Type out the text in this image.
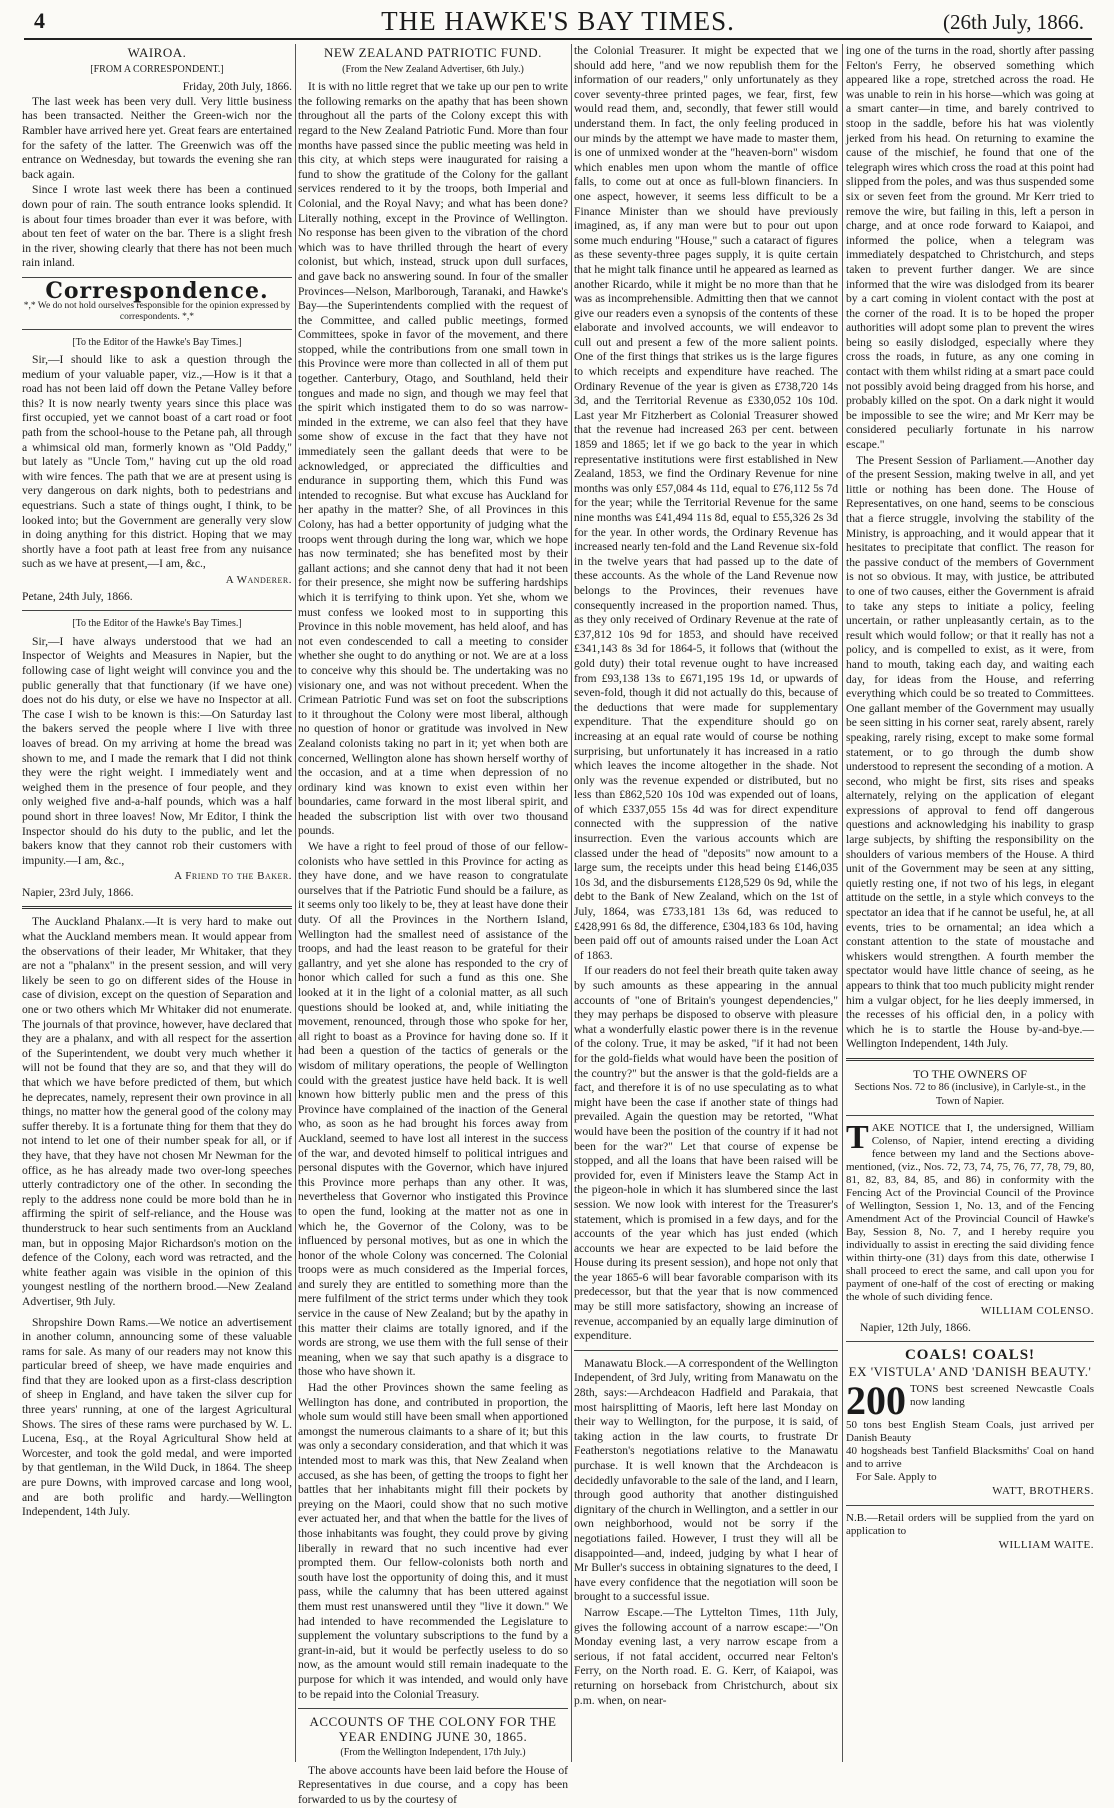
4	THE HAWKE'S BAY TIMES.	(26th July, 1866.
WAIROA.
[FROM A CORRESPONDENT.]
Friday, 20th July, 1866.

The last week has been very dull. Very little business has been transacted. Neither the Green-wich nor the Rambler have arrived here yet. Great fears are entertained for the safety of the latter. The Greenwich was off the entrance on Wednesday, but towards the evening she ran back again.

Since I wrote last week there has been a continued down pour of rain. The south entrance looks splendid. It is about four times broader than ever it was before, with about ten feet of water on the bar. There is a slight fresh in the river, showing clearly that there has not been much rain inland.

Correspondence.
*,* We do not hold ourselves responsible for the opinion expressed by correspondents. *,*
[To the Editor of the Hawke's Bay Times.]

Sir,—I should like to ask a question through the medium of your valuable paper, viz.,—How is it that a road has not been laid off down the Petane Valley before this? It is now nearly twenty years since this place was first occupied, yet we cannot boast of a cart road or foot path from the school-house to the Petane pah, all through a whimsical old man, formerly known as "Old Paddy," but lately as "Uncle Tom," having cut up the old road with wire fences. The path that we are at present using is very dangerous on dark nights, both to pedestrians and equestrians. Such a state of things ought, I think, to be looked into; but the Government are generally very slow in doing anything for this district. Hoping that we may shortly have a foot path at least free from any nuisance such as we have at present,—I am, &c.,

A Wanderer.
Petane, 24th July, 1866.
[To the Editor of the Hawke's Bay Times.]

Sir,—I have always understood that we had an Inspector of Weights and Measures in Napier, but the following case of light weight will convince you and the public generally that that functionary (if we have one) does not do his duty, or else we have no Inspector at all. The case I wish to be known is this:—On Saturday last the bakers served the people where I live with three loaves of bread. On my arriving at home the bread was shown to me, and I made the remark that I did not think they were the right weight. I immediately went and weighed them in the presence of four people, and they only weighed five and-a-half pounds, which was a half pound short in three loaves! Now, Mr Editor, I think the Inspector should do his duty to the public, and let the bakers know that they cannot rob their customers with impunity.—I am, &c.,

A Friend to the Baker.
Napier, 23rd July, 1866.

The Auckland Phalanx.—It is very hard to make out what the Auckland members mean. It would appear from the observations of their leader, Mr Whitaker, that they are not a "phalanx" in the present session, and will very likely be seen to go on different sides of the House in case of division, except on the question of Separation and one or two others which Mr Whitaker did not enumerate. The journals of that province, however, have declared that they are a phalanx, and with all respect for the assertion of the Superintendent, we doubt very much whether it will not be found that they are so, and that they will do that which we have before predicted of them, but which he deprecates, namely, represent their own province in all things, no matter how the general good of the colony may suffer thereby. It is a fortunate thing for them that they do not intend to let one of their number speak for all, or if they have, that they have not chosen Mr Newman for the office, as he has already made two over-long speeches utterly contradictory one of the other. In seconding the reply to the address none could be more bold than he in affirming the spirit of self-reliance, and the House was thunderstruck to hear such sentiments from an Auckland man, but in opposing Major Richardson's motion on the defence of the Colony, each word was retracted, and the white feather again was visible in the opinion of this youngest nestling of the northern brood.—New Zealand Advertiser, 9th July.

Shropshire Down Rams.—We notice an advertisement in another column, announcing some of these valuable rams for sale. As many of our readers may not know this particular breed of sheep, we have made enquiries and find that they are looked upon as a first-class description of sheep in England, and have taken the silver cup for three years' running, at one of the largest Agricultural Shows. The sires of these rams were purchased by W. L. Lucena, Esq., at the Royal Agricultural Show held at Worcester, and took the gold medal, and were imported by that gentleman, in the Wild Duck, in 1864. The sheep are pure Downs, with improved carcase and long wool, and are both prolific and hardy.—Wellington Independent, 14th July.

NEW ZEALAND PATRIOTIC FUND.
(From the New Zealand Advertiser, 6th July.)

It is with no little regret that we take up our pen to write the following remarks on the apathy that has been shown throughout all the parts of the Colony except this with regard to the New Zealand Patriotic Fund. More than four months have passed since the public meeting was held in this city, at which steps were inaugurated for raising a fund to show the gratitude of the Colony for the gallant services rendered to it by the troops, both Imperial and Colonial, and the Royal Navy; and what has been done? Literally nothing, except in the Province of Wellington. No response has been given to the vibration of the chord which was to have thrilled through the heart of every colonist, but which, instead, struck upon dull surfaces, and gave back no answering sound. In four of the smaller Provinces—Nelson, Marlborough, Taranaki, and Hawke's Bay—the Superintendents complied with the request of the Committee, and called public meetings, formed Committees, spoke in favor of the movement, and there stopped, while the contributions from one small town in this Province were more than collected in all of them put together. Canterbury, Otago, and Southland, held their tongues and made no sign, and though we may feel that the spirit which instigated them to do so was narrow-minded in the extreme, we can also feel that they have some show of excuse in the fact that they have not immediately seen the gallant deeds that were to be acknowledged, or appreciated the difficulties and endurance in supporting them, which this Fund was intended to recognise. But what excuse has Auckland for her apathy in the matter? She, of all Provinces in this Colony, has had a better opportunity of judging what the troops went through during the long war, which we hope has now terminated; she has benefited most by their gallant actions; and she cannot deny that had it not been for their presence, she might now be suffering hardships which it is terrifying to think upon. Yet she, whom we must confess we looked most to in supporting this Province in this noble movement, has held aloof, and has not even condescended to call a meeting to consider whether she ought to do anything or not. We are at a loss to conceive why this should be. The undertaking was no visionary one, and was not without precedent. When the Crimean Patriotic Fund was set on foot the subscriptions to it throughout the Colony were most liberal, although no question of honor or gratitude was involved in New Zealand colonists taking no part in it; yet when both are concerned, Wellington alone has shown herself worthy of the occasion, and at a time when depression of no ordinary kind was known to exist even within her boundaries, came forward in the most liberal spirit, and headed the subscription list with over two thousand pounds.

We have a right to feel proud of those of our fellow-colonists who have settled in this Province for acting as they have done, and we have reason to congratulate ourselves that if the Patriotic Fund should be a failure, as it seems only too likely to be, they at least have done their duty. Of all the Provinces in the Northern Island, Wellington had the smallest need of assistance of the troops, and had the least reason to be grateful for their gallantry, and yet she alone has responded to the cry of honor which called for such a fund as this one. She looked at it in the light of a colonial matter, as all such questions should be looked at, and, while initiating the movement, renounced, through those who spoke for her, all right to boast as a Province for having done so. If it had been a question of the tactics of generals or the wisdom of military operations, the people of Wellington could with the greatest justice have held back. It is well known how bitterly public men and the press of this Province have complained of the inaction of the General who, as soon as he had brought his forces away from Auckland, seemed to have lost all interest in the success of the war, and devoted himself to political intrigues and personal disputes with the Governor, which have injured this Province more perhaps than any other. It was, nevertheless that Governor who instigated this Province to open the fund, looking at the matter not as one in which he, the Governor of the Colony, was to be influenced by personal motives, but as one in which the honor of the whole Colony was concerned. The Colonial troops were as much considered as the Imperial forces, and surely they are entitled to something more than the mere fulfilment of the strict terms under which they took service in the cause of New Zealand; but by the apathy in this matter their claims are totally ignored, and if the words are strong, we use them with the full sense of their meaning, when we say that such apathy is a disgrace to those who have shown it.

Had the other Provinces shown the same feeling as Wellington has done, and contributed in proportion, the whole sum would still have been small when apportioned amongst the numerous claimants to a share of it; but this was only a secondary consideration, and that which it was intended most to mark was this, that New Zealand when accused, as she has been, of getting the troops to fight her battles that her inhabitants might fill their pockets by preying on the Maori, could show that no such motive ever actuated her, and that when the battle for the lives of those inhabitants was fought, they could prove by giving liberally in reward that no such incentive had ever prompted them. Our fellow-colonists both north and south have lost the opportunity of doing this, and it must pass, while the calumny that has been uttered against them must rest unanswered until they "live it down." We had intended to have recommended the Legislature to supplement the voluntary subscriptions to the fund by a grant-in-aid, but it would be perfectly useless to do so now, as the amount would still remain inadequate to the purpose for which it was intended, and would only have to be repaid into the Colonial Treasury.

ACCOUNTS OF THE COLONY FOR THE YEAR ENDING JUNE 30, 1865.
(From the Wellington Independent, 17th July.)

The above accounts have been laid before the House of Representatives in due course, and a copy has been forwarded to us by the courtesy of

the Colonial Treasurer. It might be expected that we should add here, "and we now republish them for the information of our readers," only unfortunately as they cover seventy-three printed pages, we fear, first, few would read them, and, secondly, that fewer still would understand them. In fact, the only feeling produced in our minds by the attempt we have made to master them, is one of unmixed wonder at the "heaven-born" wisdom which enables men upon whom the mantle of office falls, to come out at once as full-blown financiers. In one aspect, however, it seems less difficult to be a Finance Minister than we should have previously imagined, as, if any man were but to pour out upon some much enduring "House," such a cataract of figures as these seventy-three pages supply, it is quite certain that he might talk finance until he appeared as learned as another Ricardo, while it might be no more than that he was as incomprehensible. Admitting then that we cannot give our readers even a synopsis of the contents of these elaborate and involved accounts, we will endeavor to cull out and present a few of the more salient points. One of the first things that strikes us is the large figures to which receipts and expenditure have reached. The Ordinary Revenue of the year is given as £738,720 14s 3d, and the Territorial Revenue as £330,052 10s 10d. Last year Mr Fitzherbert as Colonial Treasurer showed that the revenue had increased 263 per cent. between 1859 and 1865; let if we go back to the year in which representative institutions were first established in New Zealand, 1853, we find the Ordinary Revenue for nine months was only £57,084 4s 11d, equal to £76,112 5s 7d for the year; while the Territorial Revenue for the same nine months was £41,494 11s 8d, equal to £55,326 2s 3d for the year. In other words, the Ordinary Revenue has increased nearly ten-fold and the Land Revenue six-fold in the twelve years that had passed up to the date of these accounts. As the whole of the Land Revenue now belongs to the Provinces, their revenues have consequently increased in the proportion named. Thus, as they only received of Ordinary Revenue at the rate of £37,812 10s 9d for 1853, and should have received £341,143 8s 3d for 1864-5, it follows that (without the gold duty) their total revenue ought to have increased from £93,138 13s to £671,195 19s 1d, or upwards of seven-fold, though it did not actually do this, because of the deductions that were made for supplementary expenditure. That the expenditure should go on increasing at an equal rate would of course be nothing surprising, but unfortunately it has increased in a ratio which leaves the income altogether in the shade. Not only was the revenue expended or distributed, but no less than £862,520 10s 10d was expended out of loans, of which £337,055 15s 4d was for direct expenditure connected with the suppression of the native insurrection. Even the various accounts which are classed under the head of "deposits" now amount to a large sum, the receipts under this head being £146,035 10s 3d, and the disbursements £128,529 0s 9d, while the debt to the Bank of New Zealand, which on the 1st of July, 1864, was £733,181 13s 6d, was reduced to £428,991 6s 8d, the difference, £304,183 6s 10d, having been paid off out of amounts raised under the Loan Act of 1863.

If our readers do not feel their breath quite taken away by such amounts as these appearing in the annual accounts of "one of Britain's youngest dependencies," they may perhaps be disposed to observe with pleasure what a wonderfully elastic power there is in the revenue of the colony. True, it may be asked, "if it had not been for the gold-fields what would have been the position of the country?" but the answer is that the gold-fields are a fact, and therefore it is of no use speculating as to what might have been the case if another state of things had prevailed. Again the question may be retorted, "What would have been the position of the country if it had not been for the war?" Let that course of expense be stopped, and all the loans that have been raised will be provided for, even if Ministers leave the Stamp Act in the pigeon-hole in which it has slumbered since the last session. We now look with interest for the Treasurer's statement, which is promised in a few days, and for the accounts of the year which has just ended (which accounts we hear are expected to be laid before the House during its present session), and hope not only that the year 1865-6 will bear favorable comparison with its predecessor, but that the year that is now commenced may be still more satisfactory, showing an increase of revenue, accompanied by an equally large diminution of expenditure.

Manawatu Block.—A correspondent of the Wellington Independent, of 3rd July, writing from Manawatu on the 28th, says:—Archdeacon Hadfield and Parakaia, that most hairsplitting of Maoris, left here last Monday on their way to Wellington, for the purpose, it is said, of taking action in the law courts, to frustrate Dr Featherston's negotiations relative to the Manawatu purchase. It is well known that the Archdeacon is decidedly unfavorable to the sale of the land, and I learn, through good authority that another distinguished dignitary of the church in Wellington, and a settler in our own neighborhood, would not be sorry if the negotiations failed. However, I trust they will all be disappointed—and, indeed, judging by what I hear of Mr Buller's success in obtaining signatures to the deed, I have every confidence that the negotiation will soon be brought to a successful issue.

Narrow Escape.—The Lyttelton Times, 11th July, gives the following account of a narrow escape:—"On Monday evening last, a very narrow escape from a serious, if not fatal accident, occurred near Felton's Ferry, on the North road. E. G. Kerr, of Kaiapoi, was returning on horseback from Christchurch, about six p.m. when, on near-

ing one of the turns in the road, shortly after passing Felton's Ferry, he observed something which appeared like a rope, stretched across the road. He was unable to rein in his horse—which was going at a smart canter—in time, and barely contrived to stoop in the saddle, before his hat was violently jerked from his head. On returning to examine the cause of the mischief, he found that one of the telegraph wires which cross the road at this point had slipped from the poles, and was thus suspended some six or seven feet from the ground. Mr Kerr tried to remove the wire, but failing in this, left a person in charge, and at once rode forward to Kaiapoi, and informed the police, when a telegram was immediately despatched to Christchurch, and steps taken to prevent further danger. We are since informed that the wire was dislodged from its bearer by a cart coming in violent contact with the post at the corner of the road. It is to be hoped the proper authorities will adopt some plan to prevent the wires being so easily dislodged, especially where they cross the roads, in future, as any one coming in contact with them whilst riding at a smart pace could not possibly avoid being dragged from his horse, and probably killed on the spot. On a dark night it would be impossible to see the wire; and Mr Kerr may be considered peculiarly fortunate in his narrow escape."

The Present Session of Parliament.—Another day of the present Session, making twelve in all, and yet little or nothing has been done. The House of Representatives, on one hand, seems to be conscious that a fierce struggle, involving the stability of the Ministry, is approaching, and it would appear that it hesitates to precipitate that conflict. The reason for the passive conduct of the members of Government is not so obvious. It may, with justice, be attributed to one of two causes, either the Government is afraid to take any steps to initiate a policy, feeling uncertain, or rather unpleasantly certain, as to the result which would follow; or that it really has not a policy, and is compelled to exist, as it were, from hand to mouth, taking each day, and waiting each day, for ideas from the House, and referring everything which could be so treated to Committees. One gallant member of the Government may usually be seen sitting in his corner seat, rarely absent, rarely speaking, rarely rising, except to make some formal statement, or to go through the dumb show understood to represent the seconding of a motion. A second, who might be first, sits rises and speaks alternately, relying on the application of elegant expressions of approval to fend off dangerous questions and acknowledging his inability to grasp large subjects, by shifting the responsibility on the shoulders of various members of the House. A third unit of the Government may be seen at any sitting, quietly resting one, if not two of his legs, in elegant attitude on the settle, in a style which conveys to the spectator an idea that if he cannot be useful, he, at all events, tries to be ornamental; an idea which a constant attention to the state of moustache and whiskers would strengthen. A fourth member the spectator would have little chance of seeing, as he appears to think that too much publicity might render him a vulgar object, for he lies deeply immersed, in the recesses of his official den, in a policy with which he is to startle the House by-and-bye.—Wellington Independent, 14th July.

TO THE OWNERS OF
Sections Nos. 72 to 86 (inclusive), in Carlyle-st., in the Town of Napier.
TAKE NOTICE that I, the undersigned, William Colenso, of Napier, intend erecting a dividing fence between my land and the Sections above-mentioned, (viz., Nos. 72, 73, 74, 75, 76, 77, 78, 79, 80, 81, 82, 83, 84, 85, and 86) in conformity with the Fencing Act of the Provincial Council of the Province of Wellington, Session 1, No. 13, and of the Fencing Amendment Act of the Provincial Council of Hawke's Bay, Session 8, No. 7, and I hereby require you individually to assist in erecting the said dividing fence within thirty-one (31) days from this date, otherwise I shall proceed to erect the same, and call upon you for payment of one-half of the cost of erecting or making the whole of such dividing fence.
WILLIAM COLENSO.
Napier, 12th July, 1866.
COALS! COALS!
EX 'VISTULA' AND 'DANISH BEAUTY.'
200 TONS best screened Newcastle Coals now landing
50 tons best English Steam Coals, just arrived per Danish Beauty
40 hogsheads best Tanfield Blacksmiths' Coal on hand and to arrive
For Sale. Apply to
WATT, BROTHERS.
N.B.—Retail orders will be supplied from the yard on application to
WILLIAM WAITE.
